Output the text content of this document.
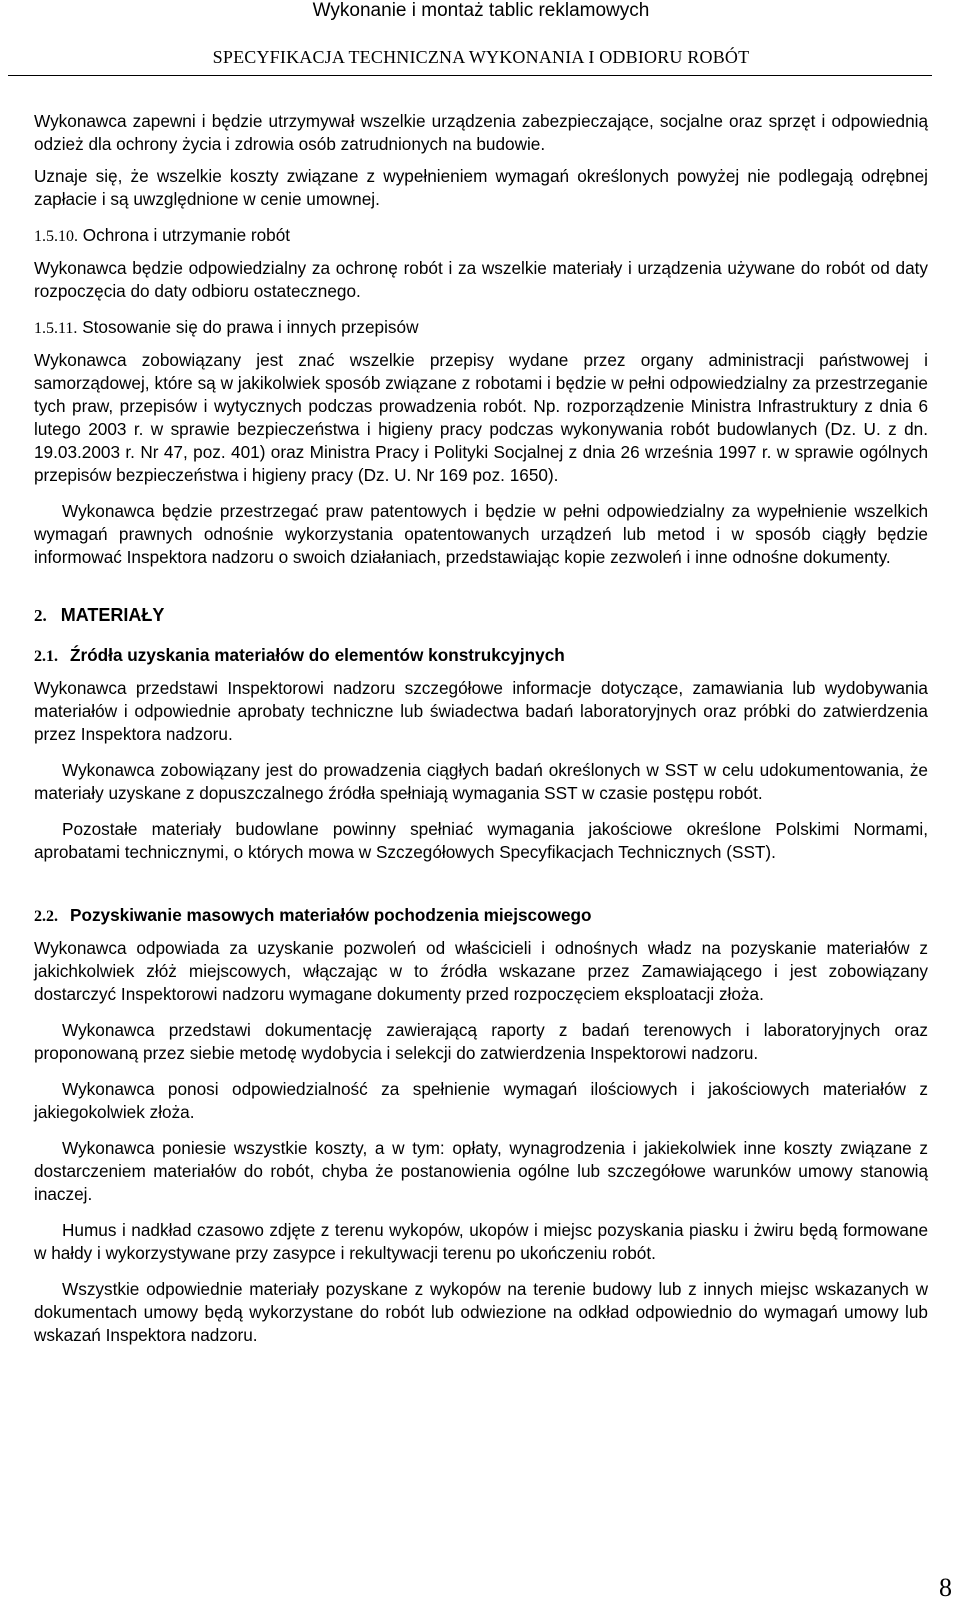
Wykonanie i montaż tablic reklamowych
SPECYFIKACJA TECHNICZNA WYKONANIA I ODBIORU ROBÓT

Wykonawca zapewni i będzie utrzymywał wszelkie urządzenia zabezpieczające, socjalne oraz sprzęt i odpowiednią odzież dla ochrony życia i zdrowia osób zatrudnionych na budowie.

Uznaje się, że wszelkie koszty związane z wypełnieniem wymagań określonych powyżej nie podlegają odrębnej zapłacie i są uwzględnione w cenie umownej.

1.5.10. Ochrona i utrzymanie robót

Wykonawca będzie odpowiedzialny za ochronę robót i za wszelkie materiały i urządzenia używane do robót od daty rozpoczęcia do daty odbioru ostatecznego.

1.5.11. Stosowanie się do prawa i innych przepisów

Wykonawca zobowiązany jest znać wszelkie przepisy wydane przez organy administracji państwowej i samorządowej, które są w jakikolwiek sposób związane z robotami i będzie w pełni odpowiedzialny za przestrzeganie tych praw, przepisów i wytycznych podczas prowadzenia robót. Np. rozporządzenie Ministra Infrastruktury z dnia 6 lutego 2003 r. w sprawie bezpieczeństwa i higieny pracy podczas wykonywania robót budowlanych (Dz. U. z dn. 19.03.2003 r. Nr 47, poz. 401) oraz Ministra Pracy i Polityki Socjalnej z dnia 26 września 1997 r. w sprawie ogólnych przepisów bezpieczeństwa i higieny pracy (Dz. U. Nr 169 poz. 1650).

Wykonawca będzie przestrzegać praw patentowych i będzie w pełni odpowiedzialny za wypełnienie wszelkich wymagań prawnych odnośnie wykorzystania opatentowanych urządzeń lub metod i w sposób ciągły będzie informować Inspektora nadzoru o swoich działaniach, przedstawiając kopie zezwoleń i inne odnośne dokumenty.

2. MATERIAŁY

2.1. Źródła uzyskania materiałów do elementów konstrukcyjnych

Wykonawca przedstawi Inspektorowi nadzoru szczegółowe informacje dotyczące, zamawiania lub wydobywania materiałów i odpowiednie aprobaty techniczne lub świadectwa badań laboratoryjnych oraz próbki do zatwierdzenia przez Inspektora nadzoru.

Wykonawca zobowiązany jest do prowadzenia ciągłych badań określonych w SST w celu udokumentowania, że materiały uzyskane z dopuszczalnego źródła spełniają wymagania SST w czasie postępu robót.

Pozostałe materiały budowlane powinny spełniać wymagania jakościowe określone Polskimi Normami, aprobatami technicznymi, o których mowa w Szczegółowych Specyfikacjach Technicznych (SST).

2.2. Pozyskiwanie masowych materiałów pochodzenia miejscowego

Wykonawca odpowiada za uzyskanie pozwoleń od właścicieli i odnośnych władz na pozyskanie materiałów z jakichkolwiek złóż miejscowych, włączając w to źródła wskazane przez Zamawiającego i jest zobowiązany dostarczyć Inspektorowi nadzoru wymagane dokumenty przed rozpoczęciem eksploatacji złoża.

Wykonawca przedstawi dokumentację zawierającą raporty z badań terenowych i laboratoryjnych oraz proponowaną przez siebie metodę wydobycia i selekcji do zatwierdzenia Inspektorowi nadzoru.

Wykonawca ponosi odpowiedzialność za spełnienie wymagań ilościowych i jakościowych materiałów z jakiegokolwiek złoża.

Wykonawca poniesie wszystkie koszty, a w tym: opłaty, wynagrodzenia i jakiekolwiek inne koszty związane z dostarczeniem materiałów do robót, chyba że postanowienia ogólne lub szczegółowe warunków umowy stanowią inaczej.

Humus i nadkład czasowo zdjęte z terenu wykopów, ukopów i miejsc pozyskania piasku i żwiru będą formowane w hałdy i wykorzystywane przy zasypce i rekultywacji terenu po ukończeniu robót.

Wszystkie odpowiednie materiały pozyskane z wykopów na terenie budowy lub z innych miejsc wskazanych w dokumentach umowy będą wykorzystane do robót lub odwiezione na odkład odpowiednio do wymagań umowy lub wskazań Inspektora nadzoru.

8
